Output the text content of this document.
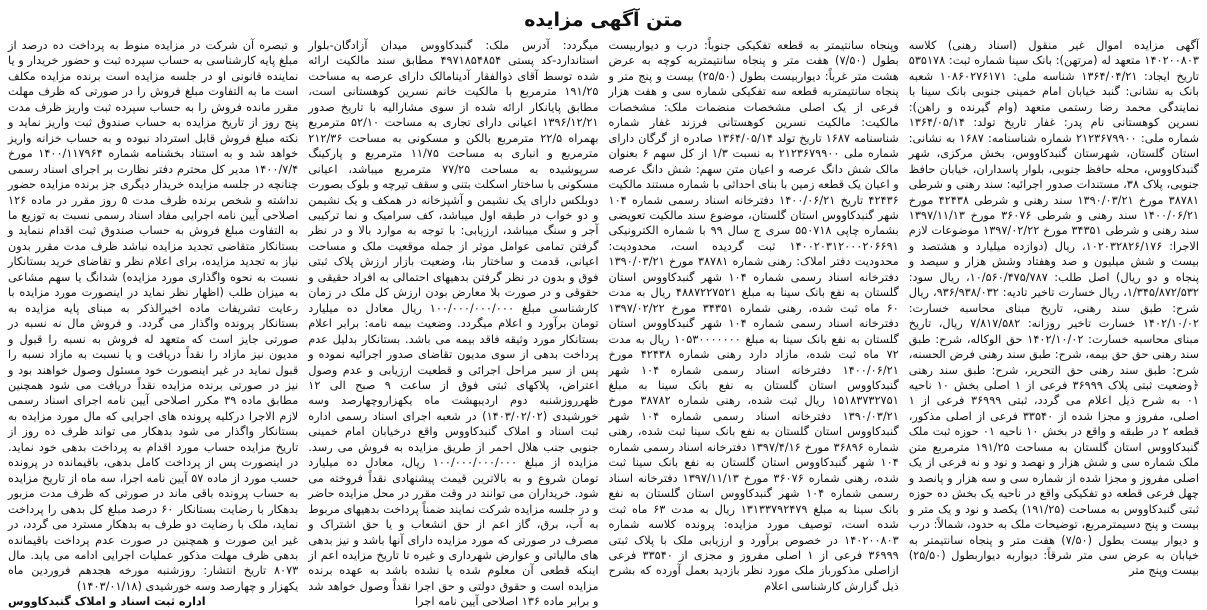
متن آگهی مزایده

آگهی مزایده اموال غیر منقول (اسناد رهنی) کلاسه ۱۴۰۲۰۰۸۰۳ متعهد له (مرتهن): بانک سینا شماره ثبت: ۵۳۵۱۷۸ تاریخ ایجاد: ۱۳۶۴/۰۴/۲۱ شناسه ملی: ۱۰۸۶۰۲۷۶۱۷۱ شعبه بانک به نشانی: گنبد خیابان امام خمینی جنوبی بانک سینا با نمایندگی محمد رضا رستمی متعهد (وام گیرنده و راهن): نسرین کوهستانی نام پدر: غفار تاریخ تولد: ۱۳۶۴/۰۵/۱۴ شماره ملی: ۲۱۲۳۶۷۹۹۰۰ شماره شناسنامه: ۱۶۸۷ به نشانی: استان گلستان، شهرستان گنبدکاووس، بخش مرکزی، شهر گنبدکاووس، محله حافظ جنوبی، بلوار پاسداران، خیابان حافظ جنوبی، پلاک ۳۸، مستندات صدور اجرائیه: سند رهنی و شرطی ۳۸۷۸۱ مورخ ۱۳۹۰/۰۳/۲۱ سند رهنی و شرطی ۴۲۴۳۸ مورخ ۱۴۰۰/۰۶/۲۱ سند رهنی و شرطی ۳۶۰۷۶ مورخ ۱۳۹۷/۱۱/۱۳ سند رهنی و شرطی ۳۴۳۵۱ مورخ ۱۳۹۷/۰۲/۲۲ موضوعات لازم الاجرا: ۱۰۲۰۳۲۸۲۶/۱۷۶، ریال (دوازده میلیارد و هشتصد و بیست و شش میلیون و صد وهفتاد وشش هزار و سیصد و پنجاه و دو ریال) اصل طلب: ۱۰/۵۶۰/۴۷۵/۷۸۷، ریال سود: ۱/۳۴۵/۸۷۲/۵۳۲، ریال خسارت تاخیر تادیه: ۹۳۶/۹۳۸/۰۳۲، ریال شرح: طبق سند رهنی، تاریخ مبنای محاسبه خسارت: ۱۴۰۲/۱۰/۰۲ خسارت تاخیر روزانه: ۷/۸۱۷/۵۸۲ ریال، تاریخ مبنای محاسبه خسارت: ۱۴۰۲/۱۰/۰۲ حق الوکاله، شرح: طبق سند رهنی حق حق بیمه، شرح: طبق سند رهنی فرض الحسنه، شرح: طبق سند رهنی حق التحریر، شرح: طبق سند رهنی ﴿وضعیت ثبتی پلاک ۳۶۹۹۹ فرعی از ۱ اصلی بخش ۱۰ ناحیه ۰۱ به شرح ذیل اعلام می گردد، ثبتی ۳۶۹۹۹ فرعی از ۱ اصلی، مفروز و مجزا شده از ۳۳۵۴۰ فرعی از اصلی مذکور، قطعه ۲ در طبقه و واقع در بخش ۱۰ ناحیه ۰۱ حوزه ثبت ملک گنبدکاووس استان گلستان به مساحت ۱۹۱/۲۵ مترمربع متن ملک شماره سی و شش هزار و نهصد و نود و نه فرعی از یک اصلی مفروز و مجزا شده از شماره سی و سه هزار و پانصد و چهل فرعی قطعه دو تفکیکی واقع در ناحیه یک بخش ده حوزه ثبتی گنبدکاووس به مساحت (۱۹۱/۲۵) یکصد و نود و یک متر و بیست و پنج دسیمترمربع، توضیحات ملک به حدود، شمالاً: درب و دیوار بیست بطول (۷/۵۰) هفت متر و پنجاه سانتیمتر به خیابان به عرض سی متر شرقاً: دیواربه دیواربطول (۲۵/۵۰) بیست وپنج متر

وپنجاه سانتیمتر به قطعه تفکیکی جنوباً: درب و دیواربیست بطول (۷/۵۰) هفت متر و پنجاه سانتیمتربه کوچه به عرض هشت متر غرباً: دیواربیست بطول (۲۵/۵۰) بیست و پنج متر و پنجاه سانتیمتربه قطعه سه تفکیکی شماره سی و هفت هزار فرعی از یک اصلی مشخصات منضمات ملک: مشخصات مالکیت: مالکیت نسرین کوهستانی فرزند غفار شماره شناسنامه ۱۶۸۷ تاریخ تولد ۱۳۶۴/۰۵/۱۴ صادره از گرگان دارای شماره ملی ۲۱۲۳۶۷۹۹۰۰ به نسبت ۱/۳ از کل سهم ۶ بعنوان مالک شش دانگ عرصه و اعیان متن سهم: شش دانگ عرصه و اعیان یک قطعه زمین با بنای احداثی با شماره مستند مالکیت ۴۲۴۳۶ تاریخ ۱۴۰۰/۰۶/۲۱ دفترخانه اسناد رسمی شماره ۱۰۴ شهر گنبدکاووس استان گلستان، موضوع سند مالکیت تعویضی بشماره چاپی ۵۵۰۷۱۸ سری ج سال ۹۹ با شماره الکترونیکی ۱۴۰۰۲۰۳۱۲۰۰۰۲۰۶۶۹۱ ثبت گردیده است، محدودیت: محدودیت دفتر املاک: رهنی شماره ۳۸۷۸۱ مورخ ۱۳۹۰/۰۳/۲۱ دفترخانه اسناد رسمی شماره ۱۰۴ شهر گنبدکاووس استان گلستان به نفع بانک سینا به مبلغ ۴۸۸۷۲۲۷۵۲۱ ریال به مدت ۶۰ ماه ثبت شده، رهنی شماره ۳۴۳۵۱ مورخ ۱۳۹۷/۰۲/۲۲ دفترخانه اسناد رسمی شماره ۱۰۴ شهر گنبدکاووس استان گلستان به نفع بانک سینا به مبلغ ۱۰۵۳۰۰۰۰۰۰۰ ریال به مدت ۷۲ ماه ثبت شده، مازاد دارد رهنی شماره ۴۲۴۳۸ مورخ ۱۴۰۰/۰۶/۲۱ دفترخانه اسناد رسمی شماره ۱۰۴ شهر گنبدکاووس استان گلستان به نفع بانک سینا به مبلغ ۱۵۱۸۳۷۳۲۷۵۱ ریال ثبت شده، رهنی شماره ۳۸۷۸۲ مورخ ۱۳۹۰/۰۳/۲۱ دفترخانه اسناد رسمی شماره ۱۰۴ شهر گنبدکاووس استان گلستان به نفع بانک سینا ثبت شده، رهنی شماره ۳۶۸۹۶ مورخ ۱۳۹۷/۴/۱۶ دفترخانه اسناد رسمی شماره ۱۰۴ شهر گنبدکاووس استان گلستان به نفع بانک سینا ثبت شده، رهنی شماره ۳۶۰۷۶ مورخ ۱۳۹۷/۱۱/۱۳ دفترخانه اسناد رسمی شماره ۱۰۴ شهر گنبدکاووس استان گلستان به نفع بانک سینا به مبلغ ۱۳۱۳۳۷۹۲۴۷۹ ریال به مدت ۶۳ ماه ثبت شده است، توصیف مورد مزایده: پرونده کلاسه شماره ۱۴۰۲۰۰۸۰۳ در خصوص برآورد و ارزیابی ملک با پلاک ثبتی ۳۶۹۹۹ فرعی از ۱ اصلی مفروز و مجزی از ۳۳۵۴۰ فرعی ازاصلی مذکورباز ملک مورد نظر بازدید بعمل آورده که بشرح ذیل گزارش کارشناسی اعلام

میگردد: آدرس ملک: گنبدکاووس میدان آزادگان-بلوار استاندارد-کد پستی ۴۹۷۱۸۵۴۸۵۴ مطابق سند مالکیت ارائه شده توسط آقای ذوالفقار آدینامالک دارای عرصه به مساحت ۱۹۱/۲۵ مترمربع با مالکیت خانم نسرین کوهستانی است، مطابق پایانکار ارائه شده از سوی مشارالیه با تاریخ صدور ۱۳۹۶/۱۲/۲۱ اعیانی دارای تجاری به مساحت ۵۲/۱۰ مترمربع بهمراه ۲۲/۵ مترمربع بالکن و مسکونی به مساحت ۲۱۲/۳۶ مترمربع و انباری به مساحت ۱۱/۷۵ مترمربع و پارکینگ سرپوشیده به مساحت ۷۷/۲۵ مترمربع میباشد، اعیانی مسکونی با ساختار اسکلت بتنی و سقف تیرچه و بلوک بصورت دوبلکس دارای یک نشیمن و آشپزخانه در همکف و یک نشیمن و دو خواب در طبقه اول میباشد، کف سرامیک و نما ترکیبی آجر و سنگ میباشد، ارزیابی: با توجه به موارد بالا و در نظر گرفتن تمامی عوامل موثر از جمله موقعیت ملک و مساحت اعیانی، قدمت و ساختار بنا، وضعیت بازار ارزش پلاک ثبتی فوق و بدون در نظر گرفتن بدهیهای احتمالی به افراد حقیقی و حقوقی و در صورت بلا معارض بودن ارزش کل ملک در زمان کارشناسی مبلغ ۱۰۰/۰۰۰/۰۰۰/۰۰۰ ریال معادل ده میلیارد تومان برآورد و اعلام میگردد. وضعیت بیمه نامه: برابر اعلام بستانکار مورد وثیقه فاقد بیمه می باشد. بستانکار بدلیل عدم پرداخت بدهی از سوی مدیون تقاضای صدور اجرائیه نموده و پس از سیر مراحل اجرائی و قطعیت ارزیابی و عدم وصول اعتراض، پلاکهای ثبتی فوق از ساعت ۹ صبح الی ۱۲ ظهرروزشنبه دوم اردیبهشت ماه یکهزاروچهارصد وسه خورشیدی (۱۴۰۳/۰۲/۰۲) در شعبه اجرای اسناد رسمی اداره ثبت اسناد و املاک گنبدکاووس واقع درخیابان امام خمینی جنوبی جنب هلال احمر از طریق مزایده به فروش می رسد. مزایده از مبلغ ۱۰۰/۰۰۰/۰۰۰/۰۰۰ ریال، معادل ده میلیارد تومان شروع و به بالاترین قیمت پیشنهادی نقداً فروخته می شود. خریداران می توانند در وقت مقرر در محل مزایده حاضر و در جلسه مزایده شرکت نمایند ضمناً پرداخت بدهیهای مربوط به آب، برق، گاز اعم از حق انشعاب و یا حق اشتراک و مصرف در صورتی که مورد مزایده دارای آنها باشد و نیز بدهی های مالیاتی و عوارض شهرداری و غیره تا تاریخ مزایده اعم از اینکه قطعی آن معلوم شده یا نشده باشد به عهده برنده مزایده است و حقوق دولتی و حق اجرا نقداً وصول خواهد شد و برابر ماده ۱۳۶ اصلاحی آیین نامه اجرا

و تبصره آن شرکت در مزایده منوط به پرداخت ده درصد از مبلغ پایه کارشناسی به حساب سپرده ثبت و حضور خریدار و یا نماینده قانونی او در جلسه مزایده است برنده مزایده مکلف است ما به التفاوت مبلغ فروش را در صورتی که ظرف مهلت مقرر مانده فروش را به حساب سپرده ثبت واریز ظرف مدت پنج روز از تاریخ مزایده به حساب صندوق ثبت واریز نماید و نکته مبلغ فروش قابل استرداد نبوده و به حساب خزانه واریز خواهد شد و به استناد بخشنامه شماره ۱۴۰۰/۱۱۷۹۶۴ مورخ ۱۴۰۰/۷/۴ مدیر کل محترم دفتر نظارت بر اجرای اسناد رسمی چنانچه در جلسه مزایده خریدار دیگری جز برنده مزایده حضور نداشته و شخص برنده ظرف مدت ۵ روز مقرر در ماده ۱۲۶ اصلاحی آیین نامه اجرایی مفاد اسناد رسمی نسبت به توزیع ما به التفاوت مبلغ فروش به حساب صندوق ثبت اقدام ننماید و بستانکار متقاضی تجدید مزایده نباشد ظرف مدت مقرر بدون نیاز به تجدید مزایده، برای اعلام نظر و تقاضای خرید بستانکار نسبت به نحوه واگذاری مورد مزایده) شدانگ یا سهم مشاعی به میزان طلب (اظهار نظر نماید در اینصورت مورد مزایده با رعایت تشریفات ماده اخیرالذکر به مبنای پایه مزایده به بستانکار پرونده واگذار می گردد. و فروش مال نه نسبه در صورتی جایز است که متعهد له فروش به نسبه را قبول و مدیون نیز مازاد را نقداً دریافت و یا نسبت به مازاد نسبه را قبول نماید در غیر اینصورت خود مسئول وصول خواهند بود و نیز در صورتی برنده مزایده نقداً دریافت می شود همچنین مطابق ماده ۳۹ مکرر اصلاحی آیین نامه اجرای اسناد رسمی لازم الاجرا درکلیه پرونده های اجرایی که مال مورد مزایده به بستانکار واگذار می شود بدهکار می تواند ظرف ده روز از تاریخ مزایده حساب مورد اقدام به پرداخت بدهی خود نماید. در اینصورت پس از پرداخت کامل بدهی، باقیمانده در پرونده حسب مورد از ماده ۵۷ آیین نامه اجرا، سه ماه از تاریخ مزایده به حساب پرونده باقی ماند در صورتی که ظرف مدت مزبور بدهکار با رضایت بستانکار ۶۰ درصد مبلغ کل بدهی را پرداخت نماید، ملک با رضایت دو طرف به بدهکار مسترد می گردد، در غیر این صورت و همچنین در صورت عدم پرداخت باقیمانده بدهی ظرف مهلت مذکور عملیات اجرایی ادامه می یابد. مال ۸۰۷۳ تاریخ انتشار: روزشنبه مورخه هجدهم فروردین ماه یکهزار و چهارصد وسه خورشیدی (۱۴۰۳/۰۱/۱۸)

اداره ثبت اسناد و املاک گنبدکاووس
